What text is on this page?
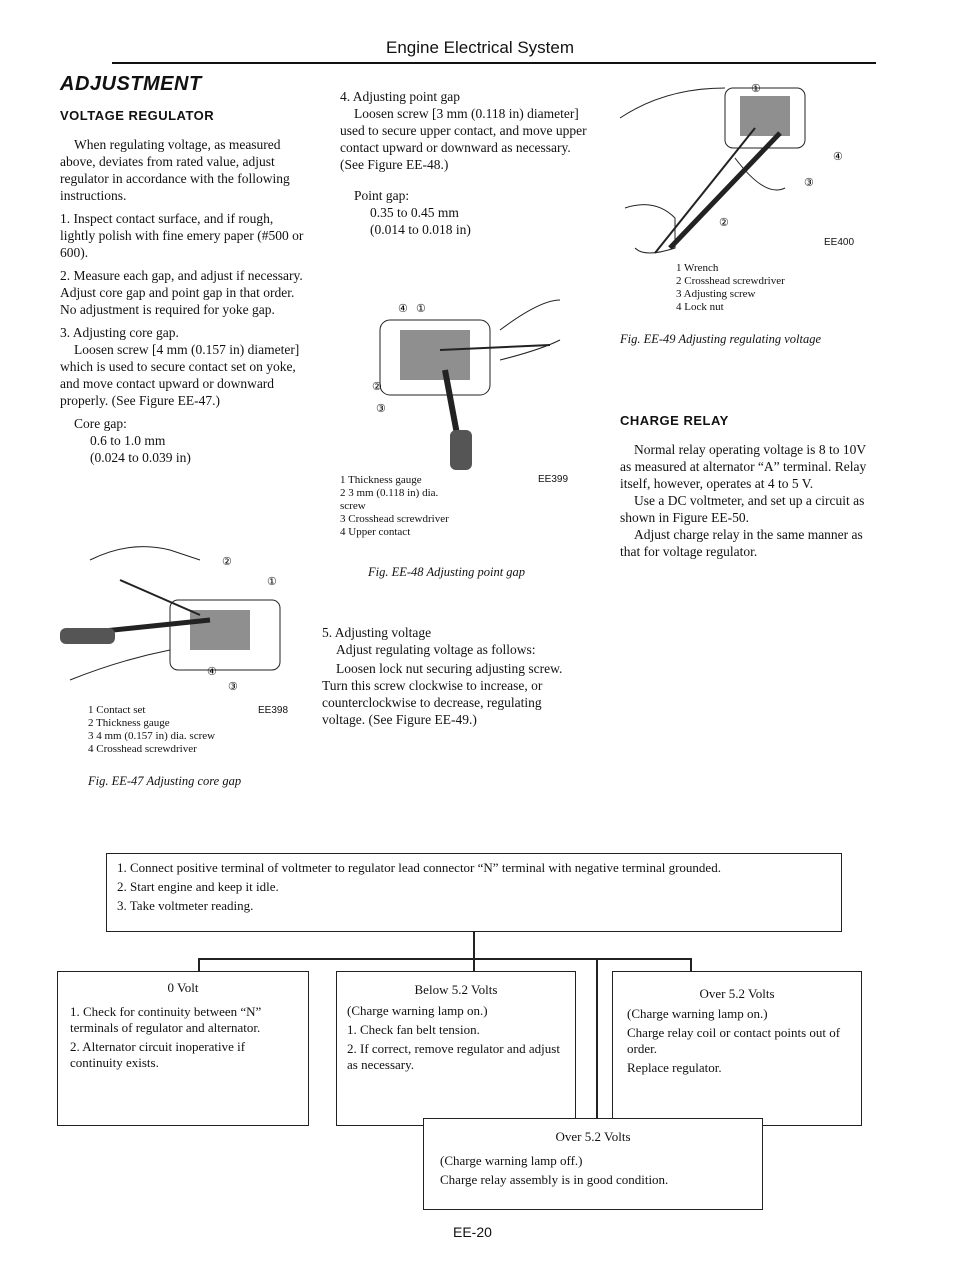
Engine Electrical System
ADJUSTMENT
VOLTAGE REGULATOR

When regulating voltage, as measured above, deviates from rated value, adjust regulator in accordance with the following instructions.

1. Inspect contact surface, and if rough, lightly polish with fine emery paper (#500 or 600).

2. Measure each gap, and adjust if necessary. Adjust core gap and point gap in that order. No adjustment is required for yoke gap.

3. Adjusting core gap.

Loosen screw [4 mm (0.157 in) diameter] which is used to secure contact set on yoke, and move contact upward or downward properly. (See Figure EE-47.)

Core gap:
0.6 to 1.0 mm
(0.024 to 0.039 in)
②
①
④
③
1 Contact set
2 Thickness gauge
3 4 mm (0.157 in) dia. screw
4 Crosshead screwdriver
EE398
Fig. EE-47 Adjusting core gap

4. Adjusting point gap

Loosen screw [3 mm (0.118 in) diameter] used to secure upper contact, and move upper contact upward or downward as necessary. (See Figure EE-48.)

Point gap:
0.35 to 0.45 mm
(0.014 to 0.018 in)
④ ①
②
③
1 Thickness gauge
2 3 mm (0.118 in) dia.
screw
3 Crosshead screwdriver
4 Upper contact
EE399
Fig. EE-48 Adjusting point gap

5. Adjusting voltage

Adjust regulating voltage as follows:

Loosen lock nut securing adjusting screw. Turn this screw clockwise to increase, or counterclockwise to decrease, regulating voltage. (See Figure EE-49.)

①
④
③
②
EE400
1 Wrench
2 Crosshead screwdriver
3 Adjusting screw
4 Lock nut
Fig. EE-49 Adjusting regulating voltage
CHARGE RELAY

Normal relay operating voltage is 8 to 10V as measured at alternator “A” terminal. Relay itself, however, operates at 4 to 5 V.

Use a DC voltmeter, and set up a circuit as shown in Figure EE-50.

Adjust charge relay in the same manner as that for voltage regulator.

1. Connect positive terminal of voltmeter to regulator lead connector “N” terminal with negative terminal grounded.

2. Start engine and keep it idle.

3. Take voltmeter reading.

0 Volt

1. Check for continuity between “N” terminals of regulator and alternator.

2. Alternator circuit inoperative if continuity exists.

Below 5.2 Volts

(Charge warning lamp on.)

1. Check fan belt tension.

2. If correct, remove regulator and adjust as necessary.

Over 5.2 Volts

(Charge warning lamp on.)

Charge relay coil or contact points out of order.

Replace regulator.

Over 5.2 Volts

(Charge warning lamp off.)

Charge relay assembly is in good condition.

EE-20
